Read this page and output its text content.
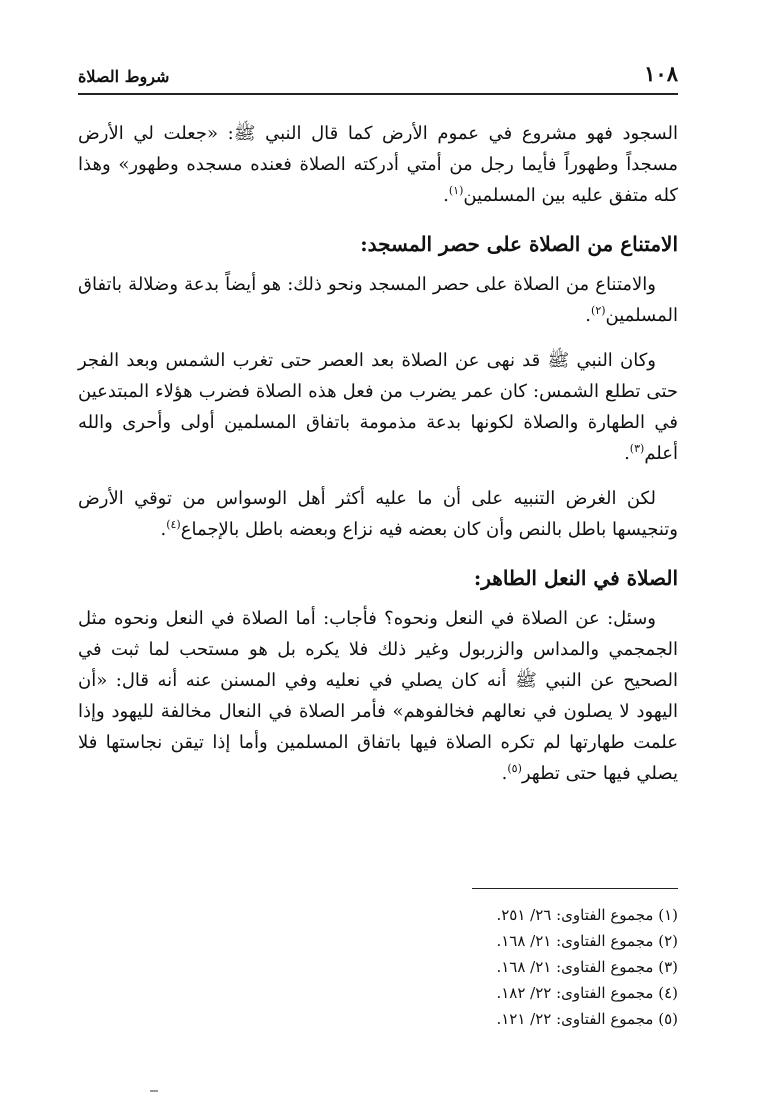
١٠٨
شروط الصلاة

السجود فهو مشروع في عموم الأرض كما قال النبي ﷺ: «جعلت لي الأرض مسجداً وطهوراً فأيما رجل من أمتي أدركته الصلاة فعنده مسجده وطهور» وهذا كله متفق عليه بين المسلمين$^{(١)}$.

الامتناع من الصلاة على حصر المسجد:

والامتناع من الصلاة على حصر المسجد ونحو ذلك: هو أيضاً بدعة وضلالة باتفاق المسلمين$^{(٢)}$.

وكان النبي ﷺ قد نهى عن الصلاة بعد العصر حتى تغرب الشمس وبعد الفجر حتى تطلع الشمس: كان عمر يضرب من فعل هذه الصلاة فضرب هؤلاء المبتدعين في الطهارة والصلاة لكونها بدعة مذمومة باتفاق المسلمين أولى وأحرى والله أعلم$^{(٣)}$.

لكن الغرض التنبيه على أن ما عليه أكثر أهل الوسواس من توقي الأرض وتنجيسها باطل بالنص وأن كان بعضه فيه نزاع وبعضه باطل بالإجماع$^{(٤)}$.

الصلاة في النعل الطاهر:

وسئل: عن الصلاة في النعل ونحوه؟ فأجاب: أما الصلاة في النعل ونحوه مثل الجمجمي والمداس والزربول وغير ذلك فلا يكره بل هو مستحب لما ثبت في الصحيح عن النبي ﷺ أنه كان يصلي في نعليه وفي المسنن عنه أنه قال: «أن اليهود لا يصلون في نعالهم فخالفوهم» فأمر الصلاة في النعال مخالفة لليهود وإذا علمت طهارتها لم تكره الصلاة فيها باتفاق المسلمين وأما إذا تيقن نجاستها فلا يصلي فيها حتى تطهر$^{(٥)}$.

(١) مجموع الفتاوى: ٢٦/ ٢٥١.
(٢) مجموع الفتاوى: ٢١/ ١٦٨.
(٣) مجموع الفتاوى: ٢١/ ١٦٨.
(٤) مجموع الفتاوى: ٢٢/ ١٨٢.
(٥) مجموع الفتاوى: ٢٢/ ١٢١.
